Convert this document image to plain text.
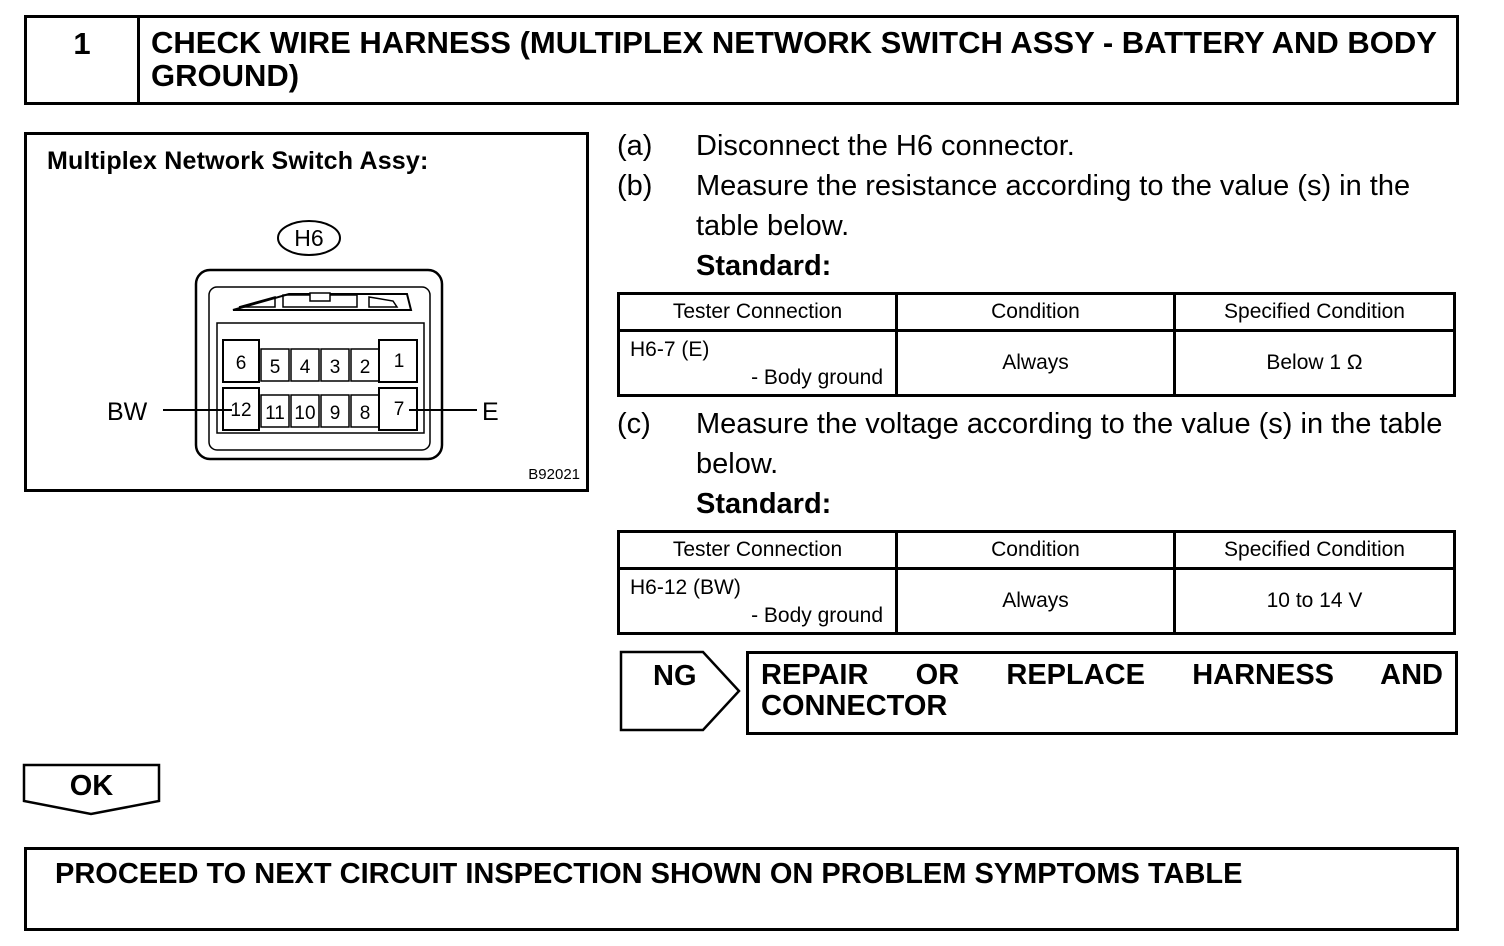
1	CHECK WIRE HARNESS (MULTIPLEX NETWORK SWITCH ASSY - BATTERY AND BODY GROUND)
Multiplex Network Switch Assy:
H6
6 5 4 3 2 1
12 11 10 9 8 7
BW	E
B92021
(a) Disconnect the H6 connector.
(b) Measure the resistance according to the value (s) in the
table below.
Standard:
Tester Connection	Condition	Specified Condition

H6-7 (E)
- Body ground	Always	Below 1 Ω
(c) Measure the voltage according to the value (s) in the table
below.
Standard:
Tester Connection	Condition	Specified Condition

H6-12 (BW)
- Body ground	Always	10 to 14 V
NG REPAIR OR REPLACE HARNESS AND CONNECTOR
OK
PROCEED TO NEXT CIRCUIT INSPECTION SHOWN ON PROBLEM SYMPTOMS TABLE
